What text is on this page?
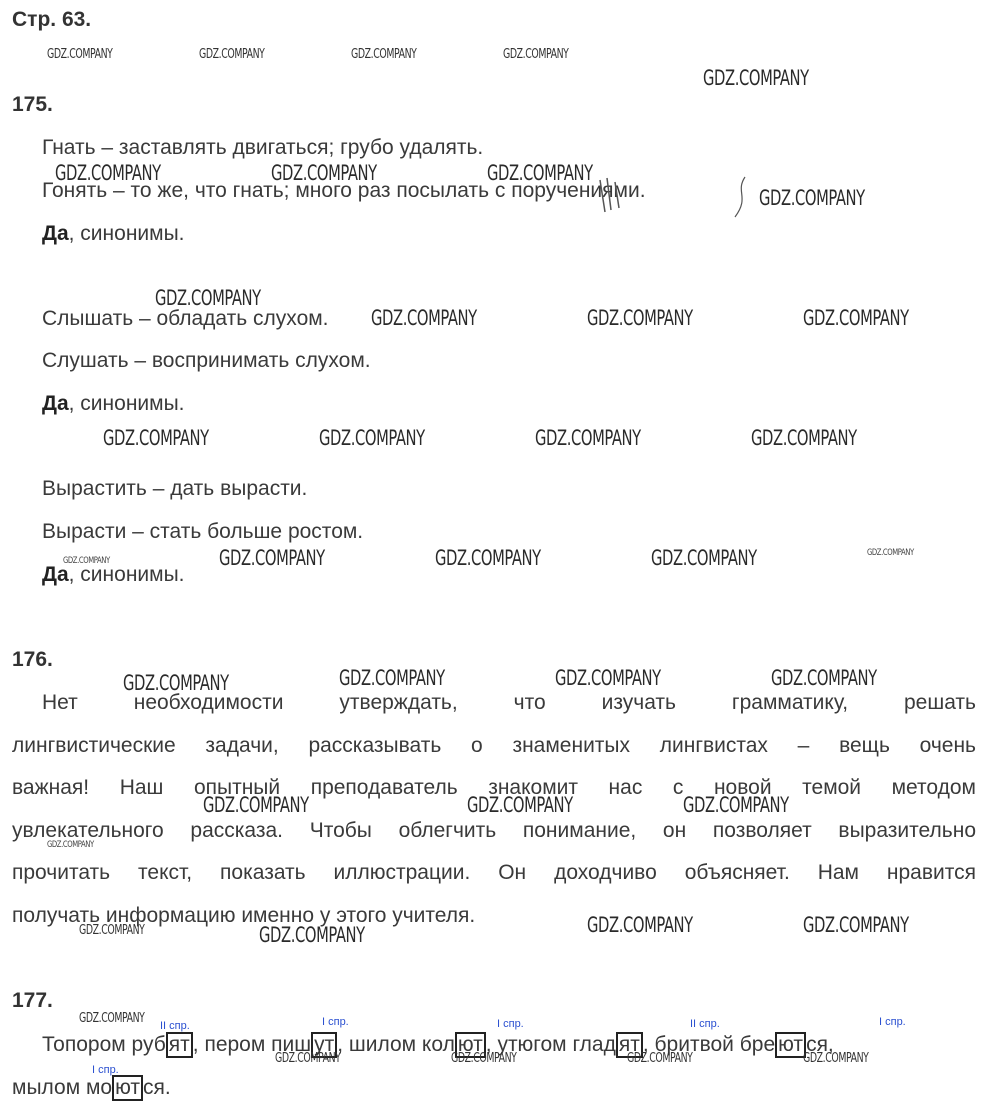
Стр. 63.
175.
Гнать – заставлять двигаться; грубо удалять.
Гонять – то же, что гнать; много раз посылать с поручениями.
Да, синонимы.
Слышать – обладать слухом.
Слушать – воспринимать слухом.
Да, синонимы.
Вырастить – дать вырасти.
Вырасти – стать больше ростом.
Да, синонимы.
176.
Нет необходимости утверждать, что изучать грамматику, решать
лингвистические задачи, рассказывать о знаменитых лингвистах – вещь очень
важная! Наш опытный преподаватель знакомит нас с новой темой методом
увлекательного рассказа. Чтобы облегчить понимание, он позволяет выразительно
прочитать текст, показать иллюстрации. Он доходчиво объясняет. Нам нравится
получать информацию именно у этого учителя.
177.
Топором руб ят , пером пиш ут , шилом кол ют , утюгом глад ят , бритвой бре ют ся,
мылом мо ют ся.
II спр.	I спр.	I спр.	II спр.	I спр.
I спр.
GDZ.COMPANY	GDZ.COMPANY	GDZ.COMPANY	GDZ.COMPANY
GDZ.COMPANY
GDZ.COMPANY	GDZ.COMPANY	GDZ.COMPANY
GDZ.COMPANY
GDZ.COMPANY
GDZ.COMPANY	GDZ.COMPANY	GDZ.COMPANY
GDZ.COMPANY	GDZ.COMPANY	GDZ.COMPANY	GDZ.COMPANY
GDZ.COMPANY	GDZ.COMPANY	GDZ.COMPANY	GDZ.COMPANY	GDZ.COMPANY
GDZ.COMPANY	GDZ.COMPANY	GDZ.COMPANY	GDZ.COMPANY
GDZ.COMPANY	GDZ.COMPANY	GDZ.COMPANY
GDZ.COMPANY
GDZ.COMPANY	GDZ.COMPANY	GDZ.COMPANY	GDZ.COMPANY
GDZ.COMPANY
GDZ.COMPANY	GDZ.COMPANY	GDZ.COMPANY	GDZ.COMPANY
